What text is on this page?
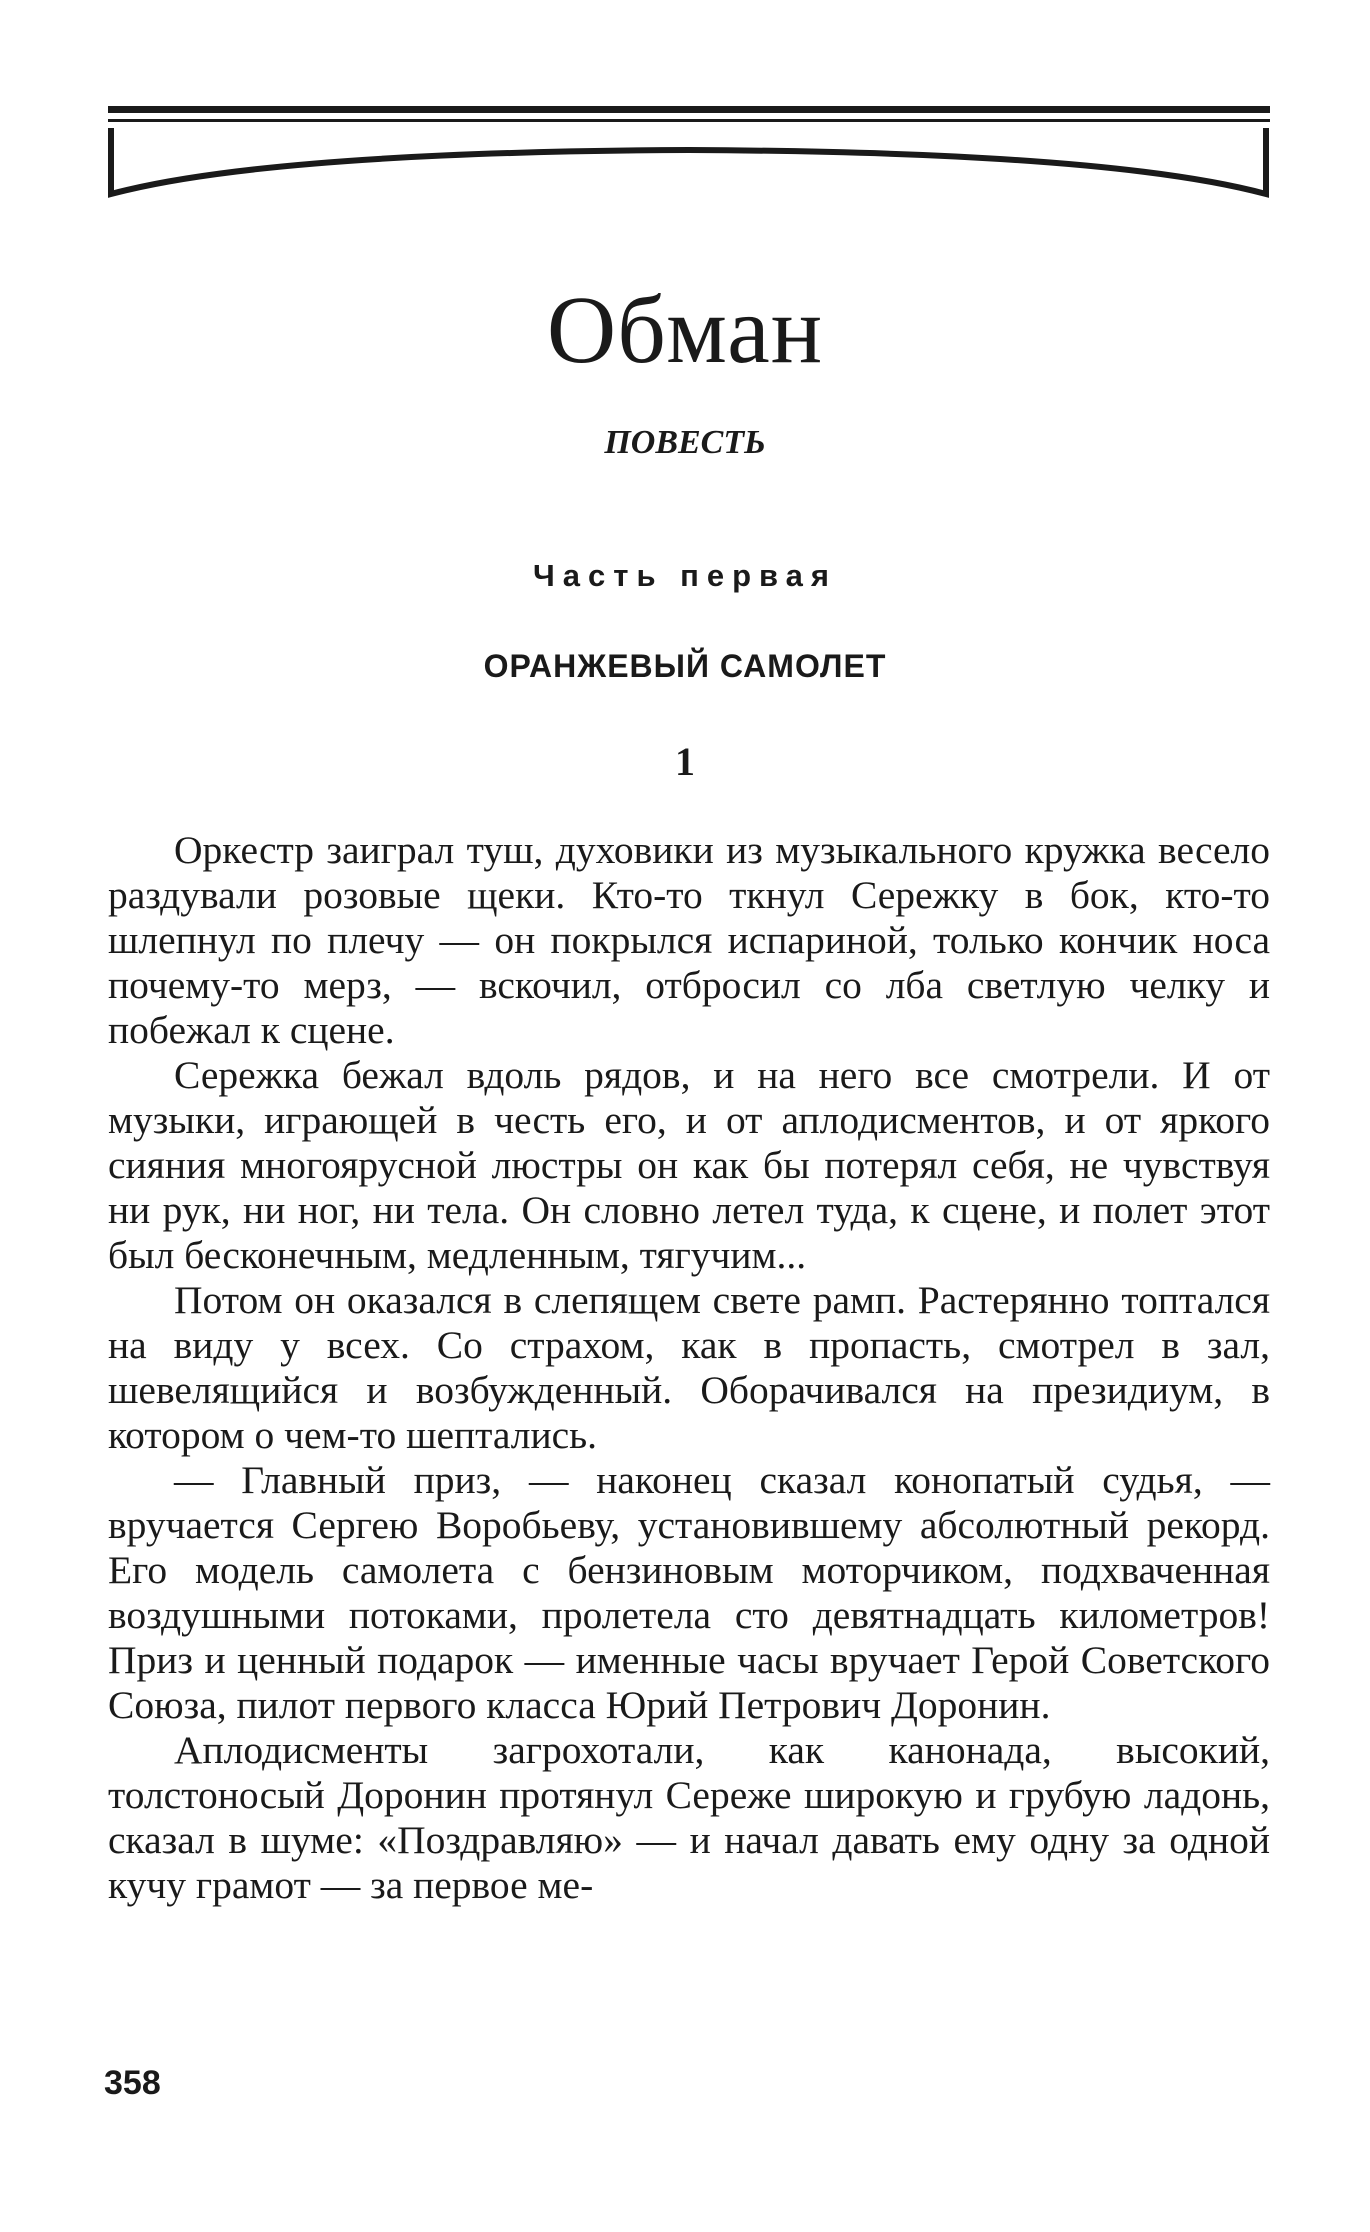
Обман
ПОВЕСТЬ
Часть первая
ОРАНЖЕВЫЙ САМОЛЕТ
1

Оркестр заиграл туш, духовики из музыкального кружка весело раздували розовые щеки. Кто-то ткнул Сережку в бок, кто-то шлепнул по плечу — он покрылся испариной, только кончик носа почему-то мерз, — вскочил, отбросил со лба светлую челку и побежал к сцене.

Сережка бежал вдоль рядов, и на него все смотрели. И от музыки, играющей в честь его, и от аплодисментов, и от яркого сияния многоярусной люстры он как бы потерял себя, не чувствуя ни рук, ни ног, ни тела. Он словно летел туда, к сцене, и полет этот был бесконечным, медленным, тягучим...

Потом он оказался в слепящем свете рамп. Растерянно топтался на виду у всех. Со страхом, как в пропасть, смотрел в зал, шевелящийся и возбужденный. Оборачивался на президиум, в котором о чем-то шептались.

— Главный приз, — наконец сказал конопатый судья, — вручается Сергею Воробьеву, установившему абсолютный рекорд. Его модель самолета с бензиновым моторчиком, подхваченная воздушными потоками, пролетела сто девятнадцать километров! Приз и ценный подарок — именные часы вручает Герой Советского Союза, пилот первого класса Юрий Петрович Доронин.

Аплодисменты загрохотали, как канонада, высокий, толстоносый Доронин протянул Сереже широкую и грубую ладонь, сказал в шуме: «Поздравляю» — и начал давать ему одну за одной кучу грамот — за первое ме-

358
